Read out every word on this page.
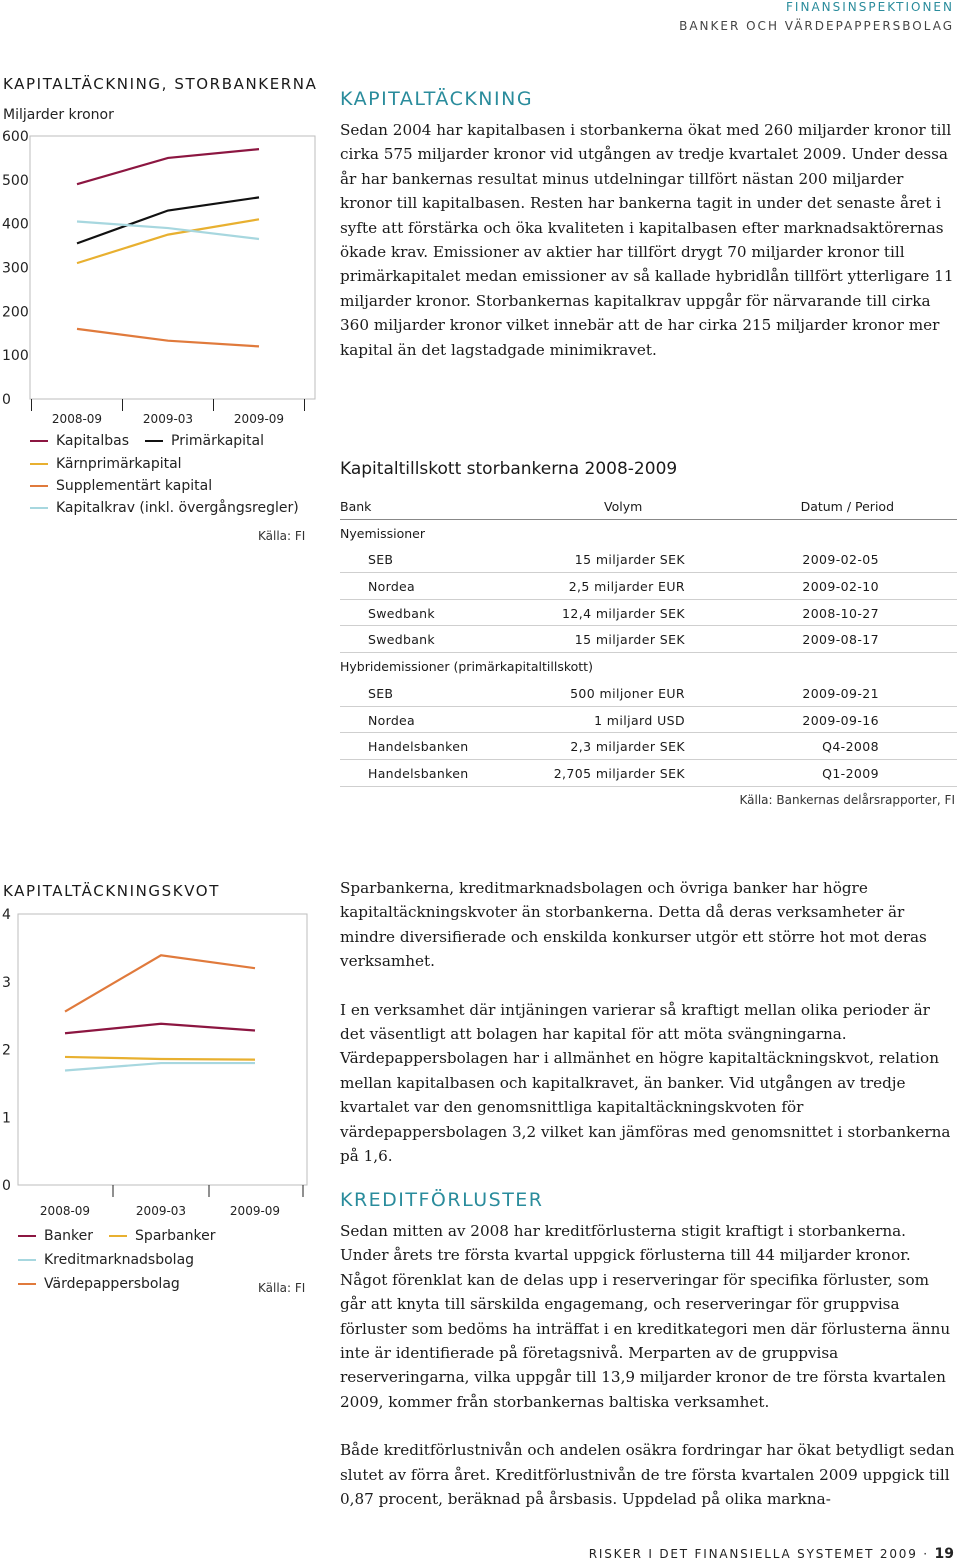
FINANSINSPEKTIONEN
BANKER OCH VÄRDEPAPPERSBOLAG
KAPITALTÄCKNING, STORBANKERNA
Miljarder kronor
0
100
200
300
400
500
600
2008-09	2009-03	2009-09
Kapitalbas	Primärkapital
Kärnprimärkapital
Supplementärt kapital
Kapitalkrav (inkl. övergångsregler)
Källa: FI
KAPITALTÄCKNING

Sedan 2004 har kapitalbasen i storbankerna ökat med 260 miljarder kronor till cirka 575 miljarder kronor vid utgången av tredje kvartalet 2009. Under dessa år har bankernas resultat minus utdelningar tillfört nästan 200 miljarder kronor till kapitalbasen. Resten har bankerna tagit in under det senaste året i syfte att förstärka och öka kvaliteten i kapitalbasen efter marknadsaktörernas ökade krav. Emissioner av aktier har tillfört drygt 70 miljarder kronor till primärkapitalet medan emissioner av så kallade hybridlån tillfört ytterligare 11 miljarder kronor. Storbankernas kapitalkrav uppgår för närvarande till cirka 360 miljarder kronor vilket innebär att de har cirka 215 miljarder kronor mer kapital än det lagstadgade minimikravet.

Kapitaltillskott storbankerna 2008-2009
Bank	Volym	Datum / Period
Nyemissioner
SEB	15 miljarder SEK	2009-02-05
Nordea	2,5 miljarder EUR	2009-02-10
Swedbank	12,4 miljarder SEK	2008-10-27
Swedbank	15 miljarder SEK	2009-08-17
Hybridemissioner (primärkapitaltillskott)
SEB	500 miljoner EUR	2009-09-21
Nordea	1 miljard USD	2009-09-16
Handelsbanken	2,3 miljarder SEK	Q4-2008
Handelsbanken	2,705 miljarder SEK	Q1-2009
Källa: Bankernas delårsrapporter, FI
KAPITALTÄCKNINGSKVOT
0
1
2
3
4
2008-09	2009-03	2009-09
Banker	Sparbanker
Kreditmarknadsbolag
Värdepappersbolag	Källa: FI

Sparbankerna, kreditmarknadsbolagen och övriga banker har högre kapitaltäckningskvoter än storbankerna. Detta då deras verksamheter är mindre diversifierade och enskilda konkurser utgör ett större hot mot deras verksamhet.

I en verksamhet där intjäningen varierar så kraftigt mellan olika perioder är det väsentligt att bolagen har kapital för att möta svängningarna. Värdepappersbolagen har i allmänhet en högre kapitaltäckningskvot, relation mellan kapitalbasen och kapitalkravet, än banker. Vid utgången av tredje kvartalet var den genomsnittliga kapitaltäckningskvoten för värdepappersbolagen 3,2 vilket kan jämföras med genomsnittet i storbankerna på 1,6.

KREDITFÖRLUSTER

Sedan mitten av 2008 har kreditförlusterna stigit kraftigt i storbankerna. Under årets tre första kvartal uppgick förlusterna till 44 miljarder kronor. Något förenklat kan de delas upp i reserveringar för specifika förluster, som går att knyta till särskilda engagemang, och reserveringar för gruppvisa förluster som bedöms ha inträffat i en kreditkategori men där förlusterna ännu inte är identifierade på företagsnivå. Merparten av de gruppvisa reserveringarna, vilka uppgår till 13,9 miljarder kronor de tre första kvartalen 2009, kommer från storbankernas baltiska verksamhet.

Både kreditförlustnivån och andelen osäkra fordringar har ökat betydligt sedan slutet av förra året. Kreditförlustnivån de tre första kvartalen 2009 uppgick till 0,87 procent, beräknad på årsbasis. Uppdelad på olika markna-

RISKER I DET FINANSIELLA SYSTEMET 2009 · 19
